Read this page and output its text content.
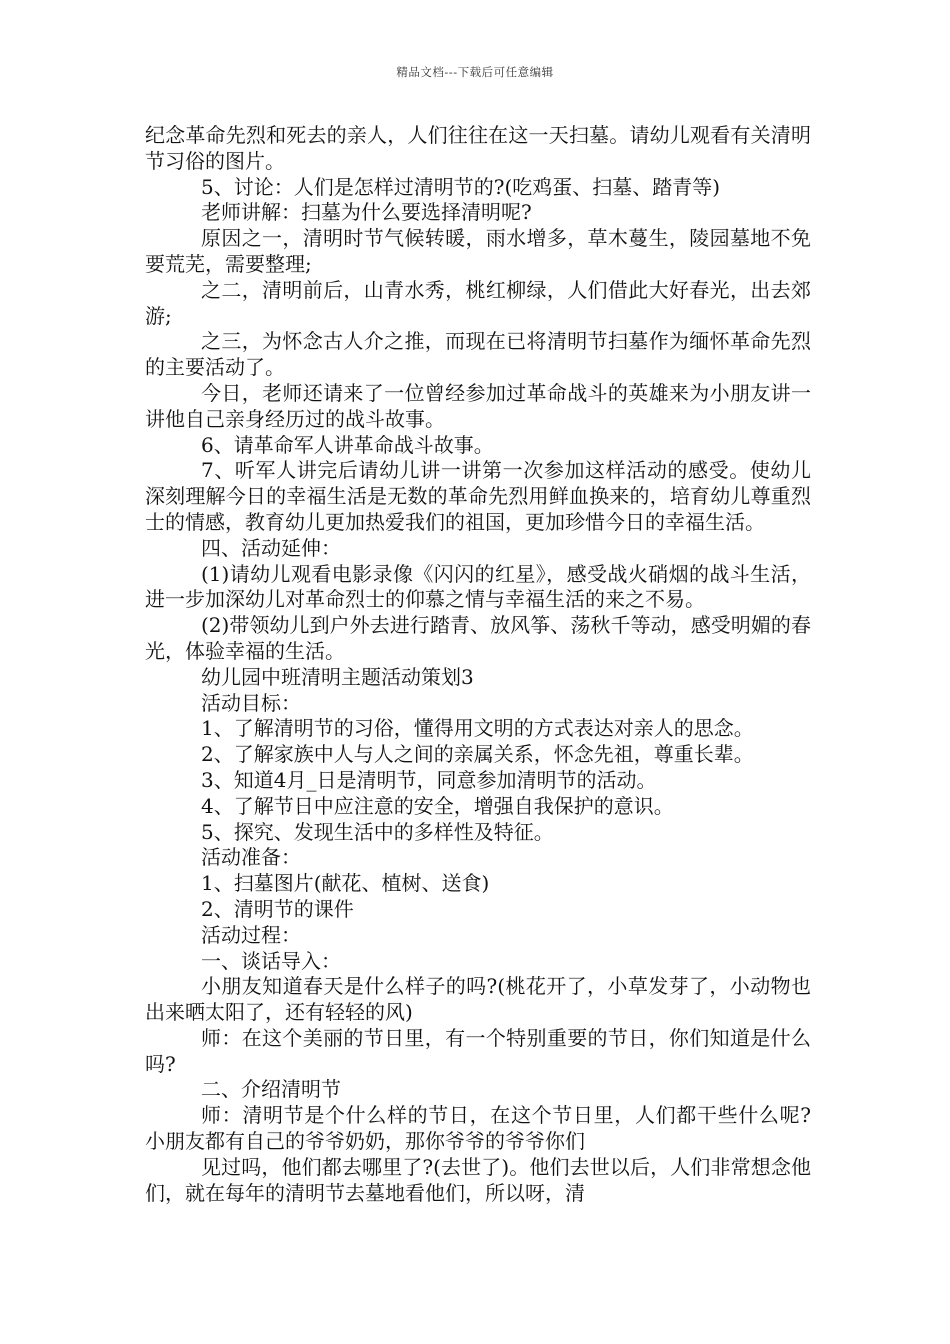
精品文档---下载后可任意编辑

纪念革命先烈和死去的亲人，人们往往在这一天扫墓。请幼儿观看有关清明节习俗的图片。

5、讨论：人们是怎样过清明节的?(吃鸡蛋、扫墓、踏青等)

老师讲解：扫墓为什么要选择清明呢?

原因之一，清明时节气候转暖，雨水增多，草木蔓生，陵园墓地不免要荒芜，需要整理;

之二，清明前后，山青水秀，桃红柳绿，人们借此大好春光，出去郊游;

之三，为怀念古人介之推，而现在已将清明节扫墓作为缅怀革命先烈的主要活动了。

今日，老师还请来了一位曾经参加过革命战斗的英雄来为小朋友讲一讲他自己亲身经历过的战斗故事。

6、请革命军人讲革命战斗故事。

7、听军人讲完后请幼儿讲一讲第一次参加这样活动的感受。使幼儿深刻理解今日的幸福生活是无数的革命先烈用鲜血换来的，培育幼儿尊重烈士的情感，教育幼儿更加热爱我们的祖国，更加珍惜今日的幸福生活。

四、活动延伸：

(1)请幼儿观看电影录像《闪闪的红星》，感受战火硝烟的战斗生活，进一步加深幼儿对革命烈士的仰慕之情与幸福生活的来之不易。

(2)带领幼儿到户外去进行踏青、放风筝、荡秋千等动，感受明媚的春光，体验幸福的生活。

幼儿园中班清明主题活动策划3

活动目标：

1、了解清明节的习俗，懂得用文明的方式表达对亲人的思念。

2、了解家族中人与人之间的亲属关系，怀念先祖，尊重长辈。

3、知道4月_日是清明节，同意参加清明节的活动。

4、了解节日中应注意的安全，增强自我保护的意识。

5、探究、发现生活中的多样性及特征。

活动准备：

1、扫墓图片(献花、植树、送食)

2、清明节的课件

活动过程：

一、谈话导入：

小朋友知道春天是什么样子的吗?(桃花开了，小草发芽了，小动物也出来晒太阳了，还有轻轻的风)

师：在这个美丽的节日里，有一个特别重要的节日，你们知道是什么吗?

二、介绍清明节

师：清明节是个什么样的节日，在这个节日里，人们都干些什么呢?小朋友都有自己的爷爷奶奶，那你爷爷的爷爷你们

见过吗，他们都去哪里了?(去世了)。他们去世以后，人们非常想念他们，就在每年的清明节去墓地看他们，所以呀，清
